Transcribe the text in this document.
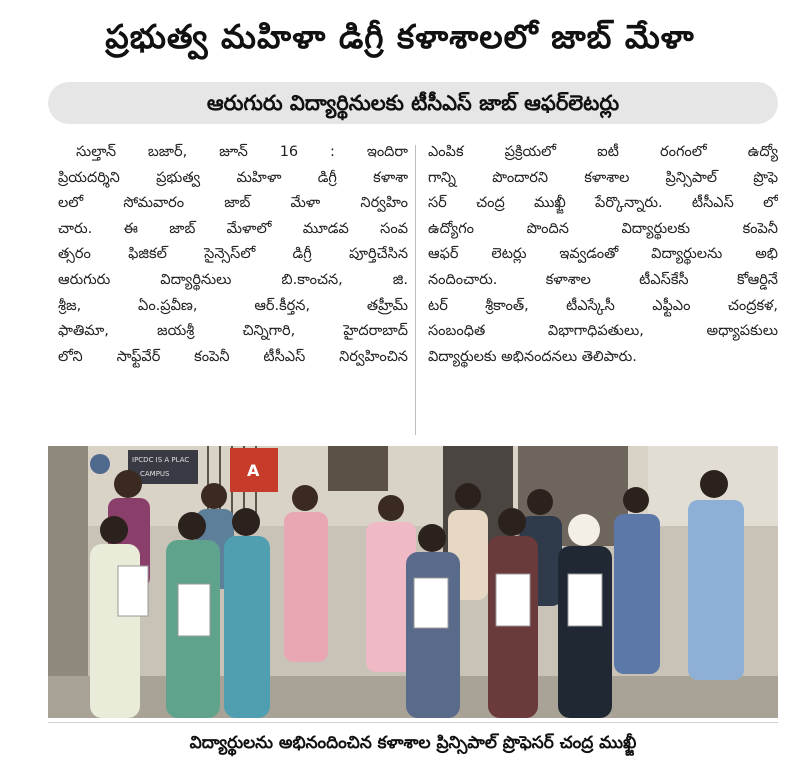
ప్రభుత్వ మహిళా డిగ్రీ కళాశాలలో జాబ్ మేళా
ఆరుగురు విద్యార్థినులకు టీసీఎస్ జాబ్ ఆఫర్‌లెటర్లు
సుల్తాన్ బజార్, జూన్ 16 : ఇందిరా
ప్రియదర్శిని ప్రభుత్వ మహిళా డిగ్రీ కళాశా
లలో సోమవారం జాబ్ మేళా నిర్వహిం
చారు. ఈ జాబ్ మేళాలో మూడవ సంవ
త్సరం ఫిజికల్ సైన్సెస్‌లో డిగ్రీ పూర్తిచేసిన
ఆరుగురు విద్యార్థినులు బి.కాంచన, జి.
శ్రీజ, ఏం.ప్రవీణ, ఆర్.కీర్తన, తహ్రీమ్
ఫాతిమా, జయశ్రీ చిన్నిగారి, హైదరాబాద్
లోని సాఫ్ట్‌వేర్ కంపెనీ టీసీఎస్ నిర్వహించిన
ఎంపిక ప్రక్రియలో ఐటీ రంగంలో ఉద్యో
గాన్ని పొందారని కళాశాల ప్రిన్సిపాల్ ప్రొఫె
సర్ చంద్ర ముఖ్జీ పేర్కొన్నారు. టీసీఎస్ లో
ఉద్యోగం పొందిన విద్యార్థులకు కంపెనీ
ఆఫర్ లెటర్లు ఇవ్వడంతో విద్యార్థులను అభి
నందించారు. కళాశాల టీఎస్‌కేసీ కోఆర్డినే
టర్ శ్రీకాంత్, టీఎస్కేసీ ఎఫ్టీఎం చంద్రకళ,
సంబంధిత విభాగాధిపతులు, అధ్యాపకులు
విద్యార్థులకు అభినందనలు తెలిపారు.
IPCDC IS A PLAC
CAMPUS	A
విద్యార్థులను అభినందించిన కళాశాల ప్రిన్సిపాల్ ప్రొఫెసర్ చంద్ర ముఖ్జీ
